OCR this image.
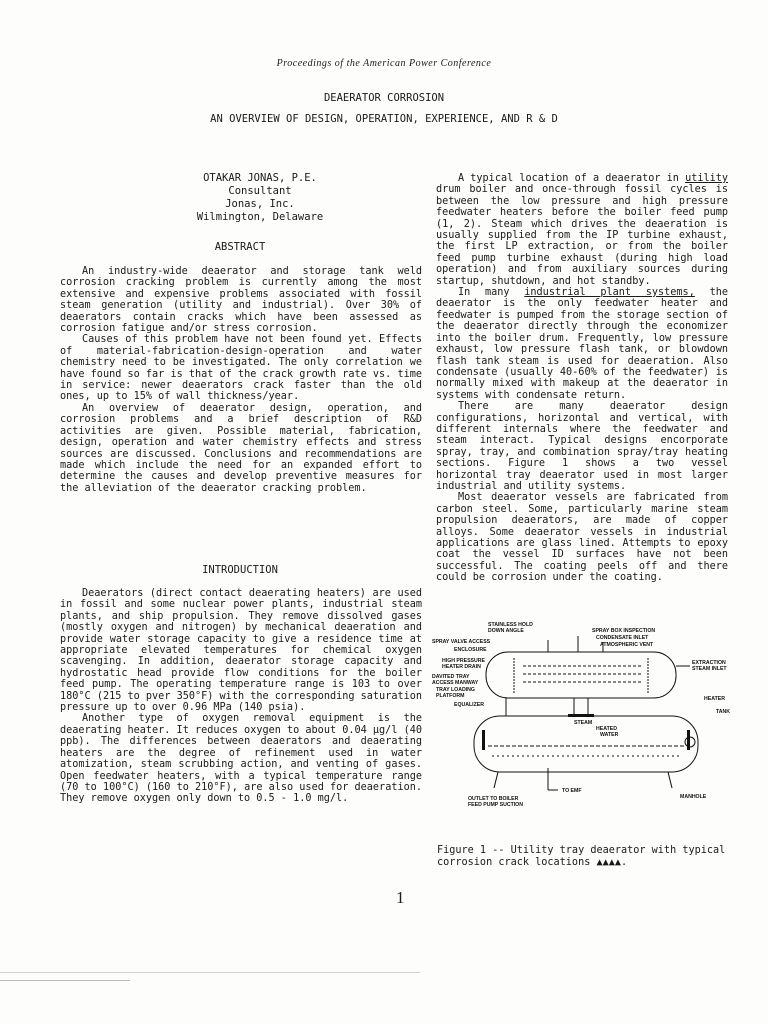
Proceedings of the American Power Conference
DEAERATOR CORROSION
AN OVERVIEW OF DESIGN, OPERATION, EXPERIENCE, AND R & D
OTAKAR JONAS, P.E.
Consultant
Jonas, Inc.
Wilmington, Delaware
ABSTRACT

An industry-wide deaerator and storage tank weld corrosion cracking problem is currently among the most extensive and expensive problems associated with fossil steam generation (utility and industrial). Over 30% of deaerators contain cracks which have been assessed as corrosion fatigue and/or stress corrosion.

Causes of this problem have not been found yet. Effects of material-fabrication-design-operation and water chemistry need to be investigated. The only correlation we have found so far is that of the crack growth rate vs. time in service: newer deaerators crack faster than the old ones, up to 15% of wall thickness/year.

An overview of deaerator design, operation, and corrosion problems and a brief description of R&D activities are given. Possible material, fabrication, design, operation and water chemistry effects and stress sources are discussed. Conclusions and recommendations are made which include the need for an expanded effort to determine the causes and develop preventive measures for the alleviation of the deaerator cracking problem.

INTRODUCTION

Deaerators (direct contact deaerating heaters) are used in fossil and some nuclear power plants, industrial steam plants, and ship propulsion. They remove dissolved gases (mostly oxygen and nitrogen) by mechanical deaeration and provide water storage capacity to give a residence time at appropriate elevated temperatures for chemical oxygen scavenging. In addition, deaerator storage capacity and hydrostatic head provide flow conditions for the boiler feed pump. The operating temperature range is 103 to over 180°C (215 to pver 350°F) with the corresponding saturation pressure up to over 0.96 MPa (140 psia).

Another type of oxygen removal equipment is the deaerating heater. It reduces oxygen to about 0.04 µg/l (40 ppb). The differences between deaerators and deaerating heaters are the degree of refinement used in water atomization, steam scrubbing action, and venting of gases. Open feedwater heaters, with a typical temperature range (70 to 100°C) (160 to 210°F), are also used for deaeration. They remove oxygen only down to 0.5 - 1.0 mg/l.

A typical location of a deaerator in utility drum boiler and once-through fossil cycles is between the low pressure and high pressure feedwater heaters before the boiler feed pump (1, 2). Steam which drives the deaeration is usually supplied from the IP turbine exhaust, the first LP extraction, or from the boiler feed pump turbine exhaust (during high load operation) and from auxiliary sources during startup, shutdown, and hot standby.

In many industrial plant systems, the deaerator is the only feedwater heater and feedwater is pumped from the storage section of the deaerator directly through the economizer into the boiler drum. Frequently, low pressure exhaust, low pressure flash tank, or blowdown flash tank steam is used for deaeration. Also condensate (usually 40-60% of the feedwater) is normally mixed with makeup at the deaerator in systems with condensate return.

There are many deaerator design configurations, horizontal and vertical, with different internals where the feedwater and steam interact. Typical designs encorporate spray, tray, and combination spray/tray heating sections. Figure 1 shows a two vessel horizontal tray deaerator used in most larger industrial and utility systems.

Most deaerator vessels are fabricated from carbon steel. Some, particularly marine steam propulsion deaerators, are made of copper alloys. Some deaerator vessels in industrial applications are glass lined. Attempts to epoxy coat the vessel ID surfaces have not been successful. The coating peels off and there could be corrosion under the coating.

STAINLESS HOLD
DOWN ANGLE
SPRAY VALVE ACCESS
ENCLOSURE
HIGH PRESSURE
HEATER DRAIN
DAVITED TRAY
ACCESS MANWAY
TRAY LOADING
PLATFORM
EQUALIZER
SPRAY BOX INSPECTION
CONDENSATE INLET
ATMOSPHERIC VENT
EXTRACTION
STEAM INLET
HEATER
TANK
STEAM
HEATED
WATER
MANHOLE
TO EMF
OUTLET TO BOILER
FEED PUMP SUCTION
Figure 1 -- Utility tray deaerator with typical corrosion crack locations ▲▲▲▲.
1
